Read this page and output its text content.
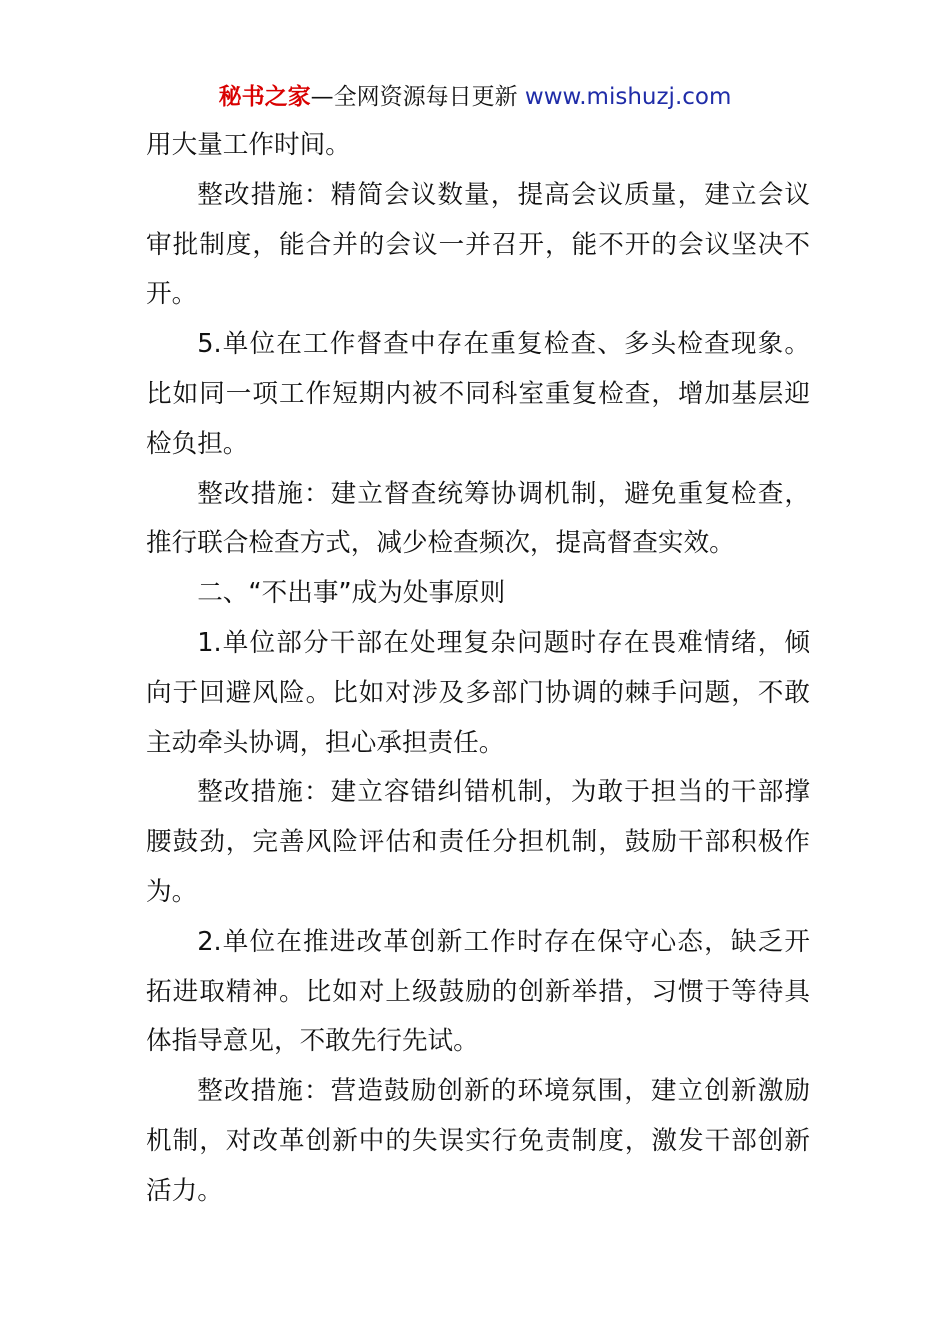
秘书之家—全网资源每日更新 www.mishuzj.com

用大量工作时间。

整改措施：精简会议数量，提高会议质量，建立会议审批制度，能合并的会议一并召开，能不开的会议坚决不开。

5.单位在工作督查中存在重复检查、多头检查现象。比如同一项工作短期内被不同科室重复检查，增加基层迎检负担。

整改措施：建立督查统筹协调机制，避免重复检查，推行联合检查方式，减少检查频次，提高督查实效。

二、“不出事”成为处事原则

1.单位部分干部在处理复杂问题时存在畏难情绪，倾向于回避风险。比如对涉及多部门协调的棘手问题，不敢主动牵头协调，担心承担责任。

整改措施：建立容错纠错机制，为敢于担当的干部撑腰鼓劲，完善风险评估和责任分担机制，鼓励干部积极作为。

2.单位在推进改革创新工作时存在保守心态，缺乏开拓进取精神。比如对上级鼓励的创新举措，习惯于等待具体指导意见，不敢先行先试。

整改措施：营造鼓励创新的环境氛围，建立创新激励机制，对改革创新中的失误实行免责制度，激发干部创新活力。
